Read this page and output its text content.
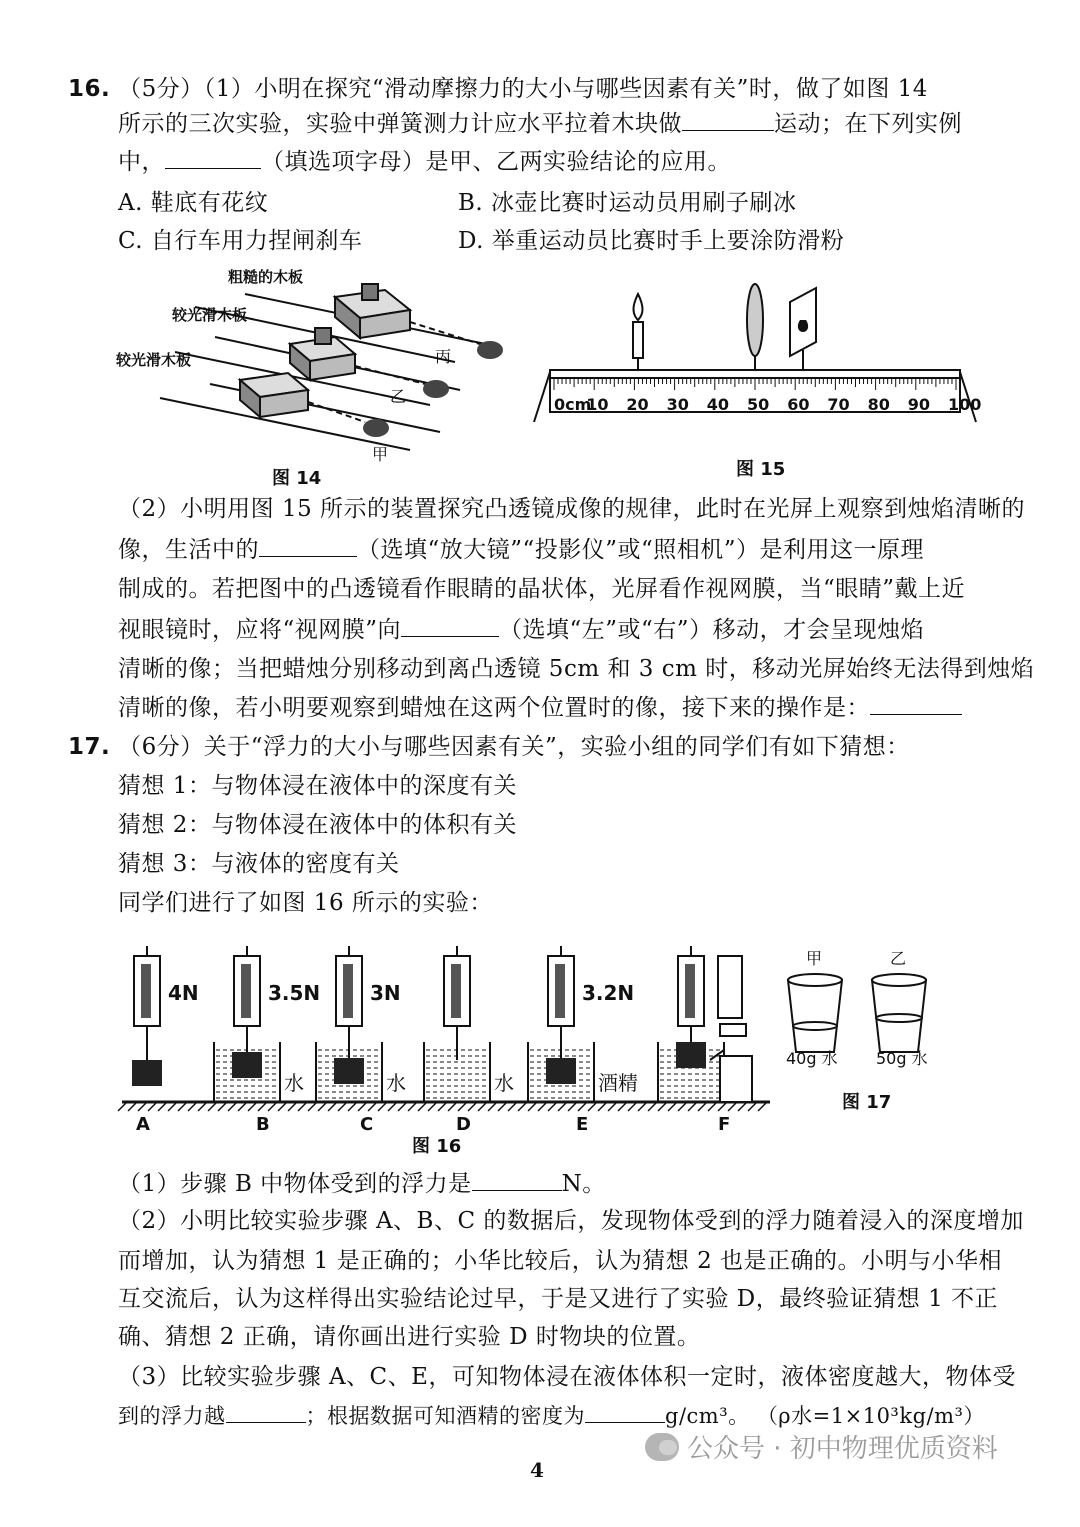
16. （5分）（1）小明在探究“滑动摩擦力的大小与哪些因素有关”时，做了如图 14
所示的三次实验，实验中弹簧测力计应水平拉着木块做	运动；在下列实例
中，	（填选项字母）是甲、乙两实验结论的应用。
A. 鞋底有花纹	B. 冰壶比赛时运动员用刷子刷冰
C. 自行车用力捏闸刹车	D. 举重运动员比赛时手上要涂防滑粉
粗糙的木板
较光滑木板
较光滑木板	丙
乙
甲
图 14
0cm
10 20 30 40 50 60 70 80 90 100
图 15
（2）小明用图 15 所示的装置探究凸透镜成像的规律，此时在光屏上观察到烛焰清晰的
像，生活中的	（选填“放大镜”“投影仪”或“照相机”）是利用这一原理
制成的。若把图中的凸透镜看作眼睛的晶状体，光屏看作视网膜，当“眼睛”戴上近
视眼镜时，应将“视网膜”向	（选填“左”或“右”）移动，才会呈现烛焰
清晰的像；当把蜡烛分别移动到离凸透镜 5cm 和 3 cm 时，移动光屏始终无法得到烛焰
清晰的像，若小明要观察到蜡烛在这两个位置时的像，接下来的操作是：
17. （6分）关于“浮力的大小与哪些因素有关”，实验小组的同学们有如下猜想：
猜想 1：与物体浸在液体中的深度有关
猜想 2：与物体浸在液体中的体积有关
猜想 3：与液体的密度有关
同学们进行了如图 16 所示的实验：
4N
A
3.5N
水
B
3N
水
C
水
D
3.2N
酒精
E	F
图 16
甲	乙
40g 水 50g 水
图 17
（1）步骤 B 中物体受到的浮力是	N。
（2）小明比较实验步骤 A、B、C 的数据后，发现物体受到的浮力随着浸入的深度增加
而增加，认为猜想 1 是正确的；小华比较后，认为猜想 2 也是正确的。小明与小华相
互交流后，认为这样得出实验结论过早，于是又进行了实验 D，最终验证猜想 1 不正
确、猜想 2 正确，请你画出进行实验 D 时物块的位置。
（3）比较实验步骤 A、C、E，可知物体浸在液体体积一定时，液体密度越大，物体受
到的浮力越	；根据数据可知酒精的密度为	g/cm³。 （ρ水=1×10³kg/m³）
公众号 · 初中物理优质资料
4
